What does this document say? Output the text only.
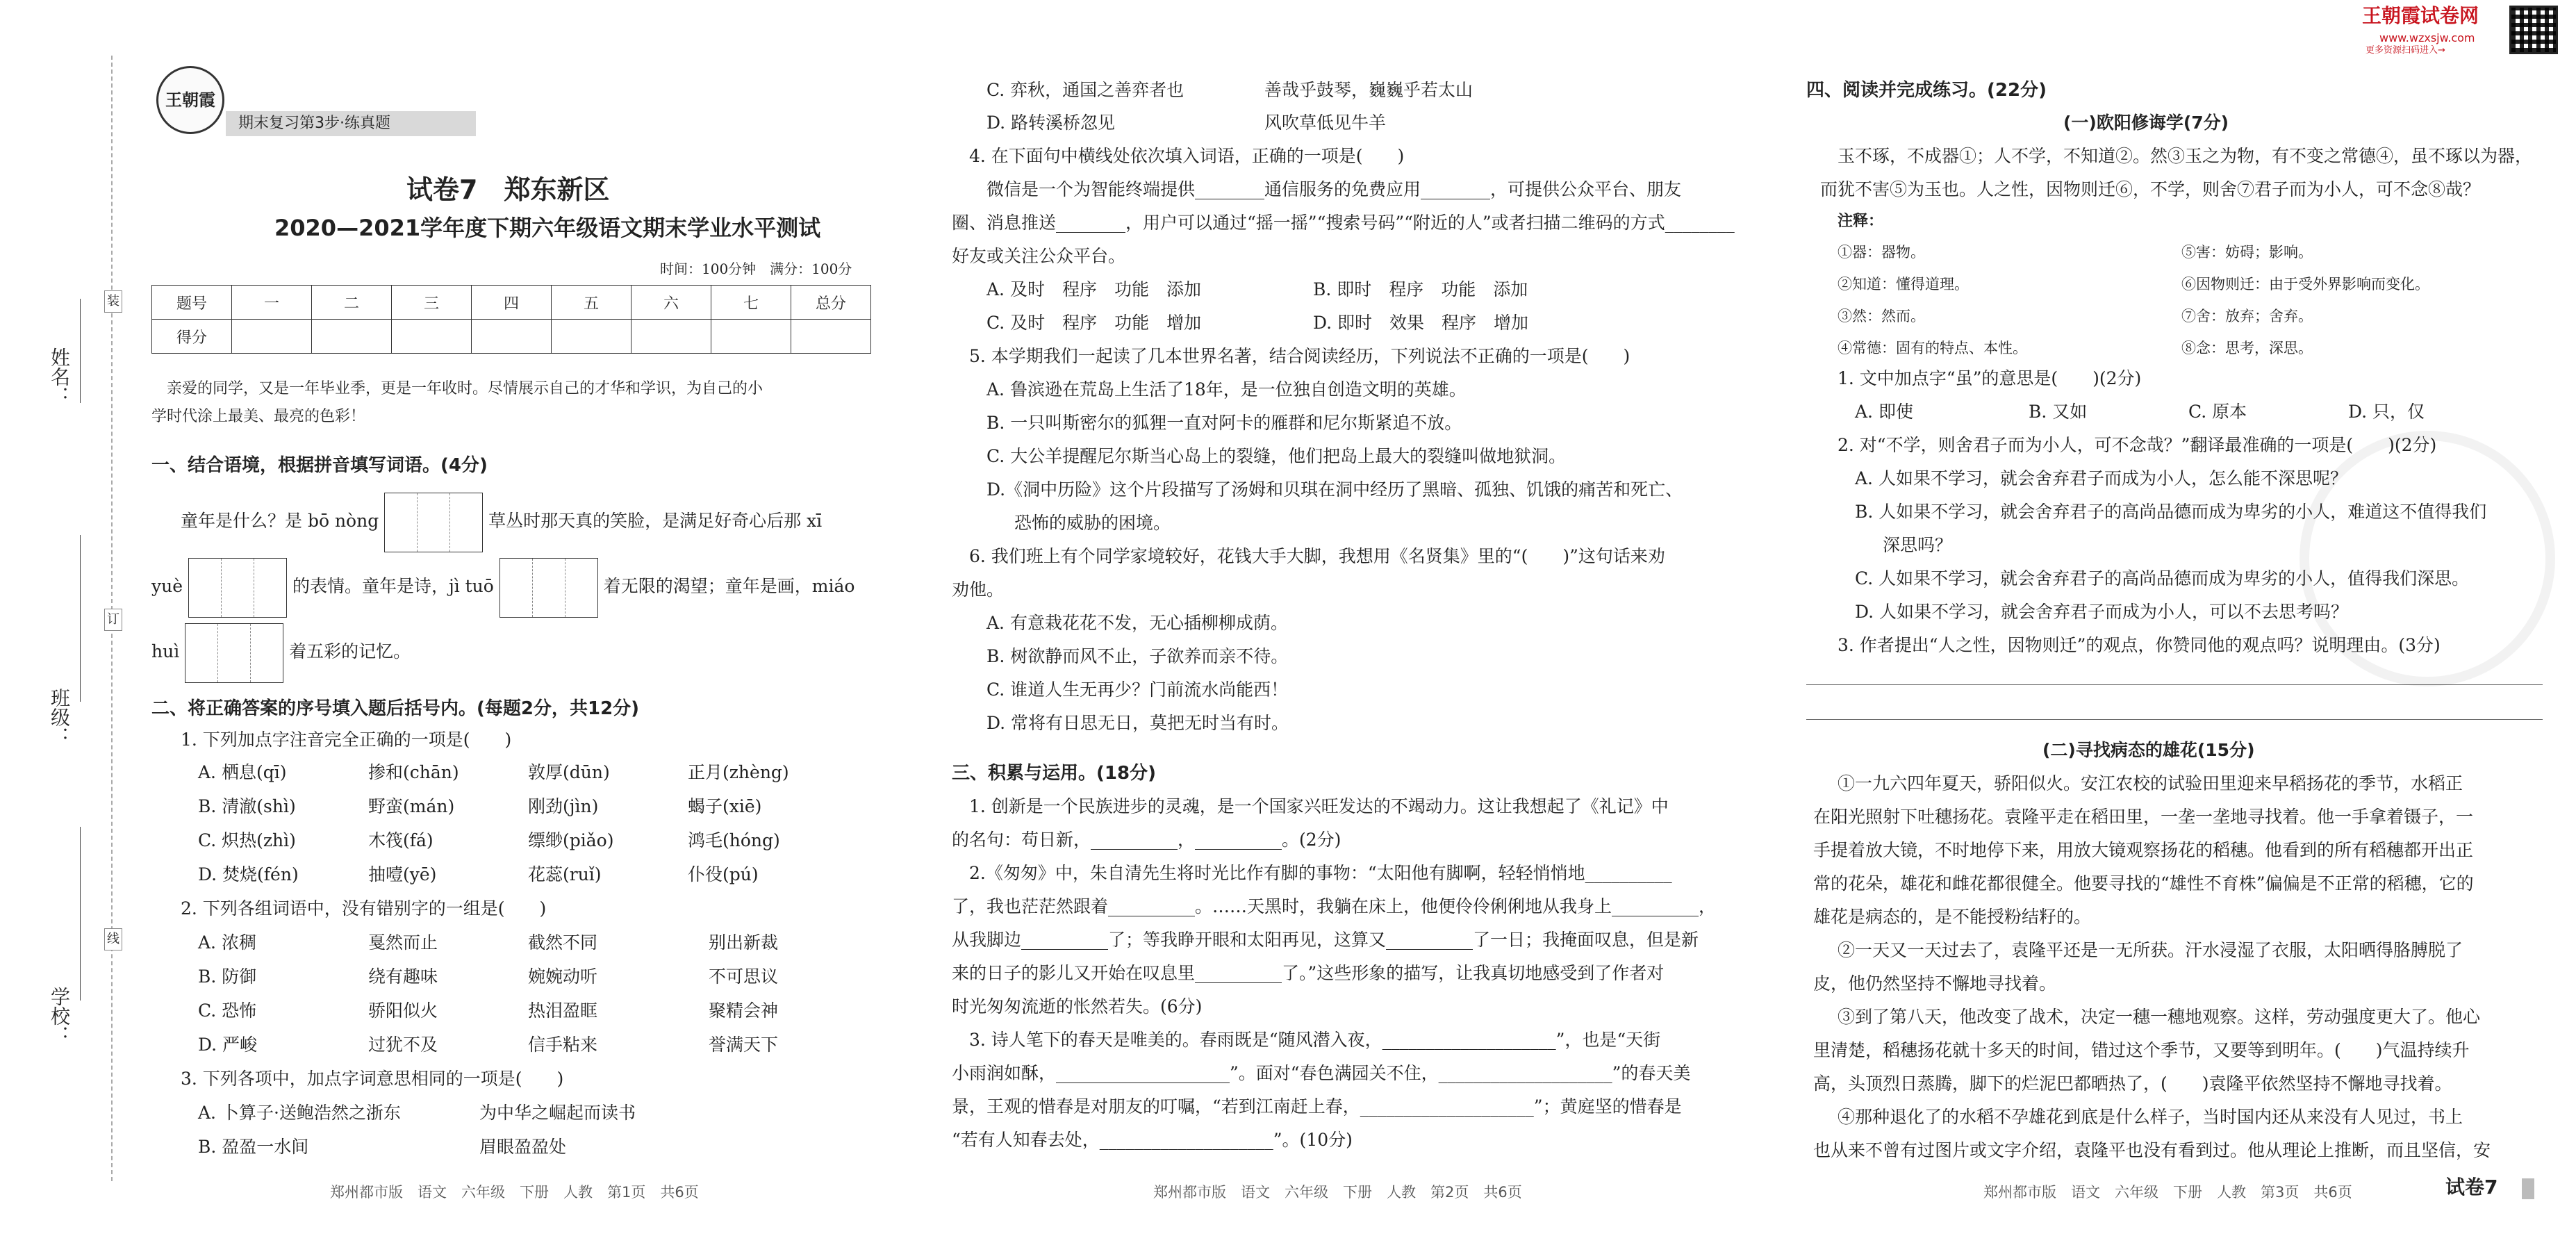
姓名：
班级：
学校：
装
订
线
王朝霞
期末复习第3步·练真题
试卷7　郑东新区
2020—2021学年度下期六年级语文期末学业水平测试
时间：100分钟　满分：100分
题号	一	二	三	四	五	六	七	总分
得分								
亲爱的同学，又是一年毕业季，更是一年收时。尽情展示自己的才华和学识，为自己的小
学时代涂上最美、最亮的色彩！
一、结合语境，根据拼音填写词语。(4分)
童年是什么？是 bō nòng	草丛时那天真的笑脸，是满足好奇心后那 xī
yuè	的表情。童年是诗，jì tuō	着无限的渴望；童年是画，miáo
huì	着五彩的记忆。
二、将正确答案的序号填入题后括号内。(每题2分，共12分)
1. 下列加点字注音完全正确的一项是(　　)
A. 栖息(qī)	掺和(chān)	敦厚(dūn)	正月(zhèng)
B. 清澈(shì)	野蛮(mán)	刚劲(jìn)	蝎子(xiē)
C. 炽热(zhì)	木筏(fá)	缥缈(piǎo)	鸿毛(hóng)
D. 焚烧(fén)	抽噎(yē)	花蕊(ruǐ)	仆役(pú)
2. 下列各组词语中，没有错别字的一组是(　　)
A. 浓稠	戛然而止	截然不同	别出新裁
B. 防御	绕有趣味	婉婉动听	不可思议
C. 恐怖	骄阳似火	热泪盈眶	聚精会神
D. 严峻	过犹不及	信手粘来	誉满天下
3. 下列各项中，加点字词意思相同的一项是(　　)
A. 卜算子·送鲍浩然之浙东	为中华之崛起而读书
B. 盈盈一水间	眉眼盈盈处
郑州都市版　语文　六年级　下册　人教　第1页　共6页
C. 弈秋，通国之善弈者也	善哉乎鼓琴，巍巍乎若太山
D. 路转溪桥忽见	风吹草低见牛羊
4. 在下面句中横线处依次填入词语，正确的一项是(　　)
微信是一个为智能终端提供________通信服务的免费应用________，可提供公众平台、朋友
圈、消息推送________，用户可以通过“摇一摇”“搜索号码”“附近的人”或者扫描二维码的方式________
好友或关注公众平台。
A. 及时　程序　功能　添加	B. 即时　程序　功能　添加
C. 及时　程序　功能　增加	D. 即时　效果　程序　增加
5. 本学期我们一起读了几本世界名著，结合阅读经历，下列说法不正确的一项是(　　)
A. 鲁滨逊在荒岛上生活了18年，是一位独自创造文明的英雄。
B. 一只叫斯密尔的狐狸一直对阿卡的雁群和尼尔斯紧追不放。
C. 大公羊提醒尼尔斯当心岛上的裂缝，他们把岛上最大的裂缝叫做地狱洞。
D.《洞中历险》这个片段描写了汤姆和贝琪在洞中经历了黑暗、孤独、饥饿的痛苦和死亡、
恐怖的威胁的困境。
6. 我们班上有个同学家境较好，花钱大手大脚，我想用《名贤集》里的“(　　)”这句话来劝
劝他。
A. 有意栽花花不发，无心插柳柳成荫。
B. 树欲静而风不止，子欲养而亲不待。
C. 谁道人生无再少？门前流水尚能西！
D. 常将有日思无日，莫把无时当有时。
三、积累与运用。(18分)
1. 创新是一个民族进步的灵魂，是一个国家兴旺发达的不竭动力。这让我想起了《礼记》中
的名句：苟日新，__________，__________。(2分)
2.《匆匆》中，朱自清先生将时光比作有脚的事物：“太阳他有脚啊，轻轻悄悄地__________
了，我也茫茫然跟着__________。……天黑时，我躺在床上，他便伶伶俐俐地从我身上__________，
从我脚边__________了；等我睁开眼和太阳再见，这算又__________了一日；我掩面叹息，但是新
来的日子的影儿又开始在叹息里__________了。”这些形象的描写，让我真切地感受到了作者对
时光匆匆流逝的怅然若失。(6分)
3. 诗人笔下的春天是唯美的。春雨既是“随风潜入夜，____________________”，也是“天街
小雨润如酥，____________________”。面对“春色满园关不住，____________________”的春天美
景，王观的惜春是对朋友的叮嘱，“若到江南赶上春，____________________”；黄庭坚的惜春是
“若有人知春去处，____________________”。(10分)
郑州都市版　语文　六年级　下册　人教　第2页　共6页
王朝霞试卷网
www.wzxsjw.com
更多资源扫码进入→
四、阅读并完成练习。(22分)
(一)欧阳修诲学(7分)
玉不琢，不成器①；人不学，不知道②。然③玉之为物，有不变之常德④，虽不琢以为器，
而犹不害⑤为玉也。人之性，因物则迁⑥，不学，则舍⑦君子而为小人，可不念⑧哉？
注释：
①器：器物。	⑤害：妨碍；影响。
②知道：懂得道理。	⑥因物则迁：由于受外界影响而变化。
③然：然而。	⑦舍：放弃；舍弃。
④常德：固有的特点、本性。	⑧念：思考，深思。
1. 文中加点字“虽”的意思是(　　)(2分)
A. 即使	B. 又如	C. 原本	D. 只，仅
2. 对“不学，则舍君子而为小人，可不念哉？”翻译最准确的一项是(　　)(2分)
A. 人如果不学习，就会舍弃君子而成为小人，怎么能不深思呢？
B. 人如果不学习，就会舍弃君子的高尚品德而成为卑劣的小人，难道这不值得我们
深思吗？
C. 人如果不学习，就会舍弃君子的高尚品德而成为卑劣的小人，值得我们深思。
D. 人如果不学习，就会舍弃君子而成为小人，可以不去思考吗？
3. 作者提出“人之性，因物则迁”的观点，你赞同他的观点吗？说明理由。(3分)
(二)寻找病态的雄花(15分)
①一九六四年夏天，骄阳似火。安江农校的试验田里迎来早稻扬花的季节，水稻正
在阳光照射下吐穗扬花。袁隆平走在稻田里，一垄一垄地寻找着。他一手拿着镊子，一
手提着放大镜，不时地停下来，用放大镜观察扬花的稻穗。他看到的所有稻穗都开出正
常的花朵，雄花和雌花都很健全。他要寻找的“雄性不育株”偏偏是不正常的稻穗，它的
雄花是病态的，是不能授粉结籽的。
②一天又一天过去了，袁隆平还是一无所获。汗水浸湿了衣服，太阳晒得胳膊脱了
皮，他仍然坚持不懈地寻找着。
③到了第八天，他改变了战术，决定一穗一穗地观察。这样，劳动强度更大了。他心
里清楚，稻穗扬花就十多天的时间，错过这个季节，又要等到明年。(　　)气温持续升
高，头顶烈日蒸腾，脚下的烂泥巴都晒热了，(　　)袁隆平依然坚持不懈地寻找着。
④那种退化了的水稻不孕雄花到底是什么样子，当时国内还从来没有人见过，书上
也从来不曾有过图片或文字介绍，袁隆平也没有看到过。他从理论上推断，而且坚信，安
郑州都市版　语文　六年级　下册　人教　第3页　共6页	试卷7
